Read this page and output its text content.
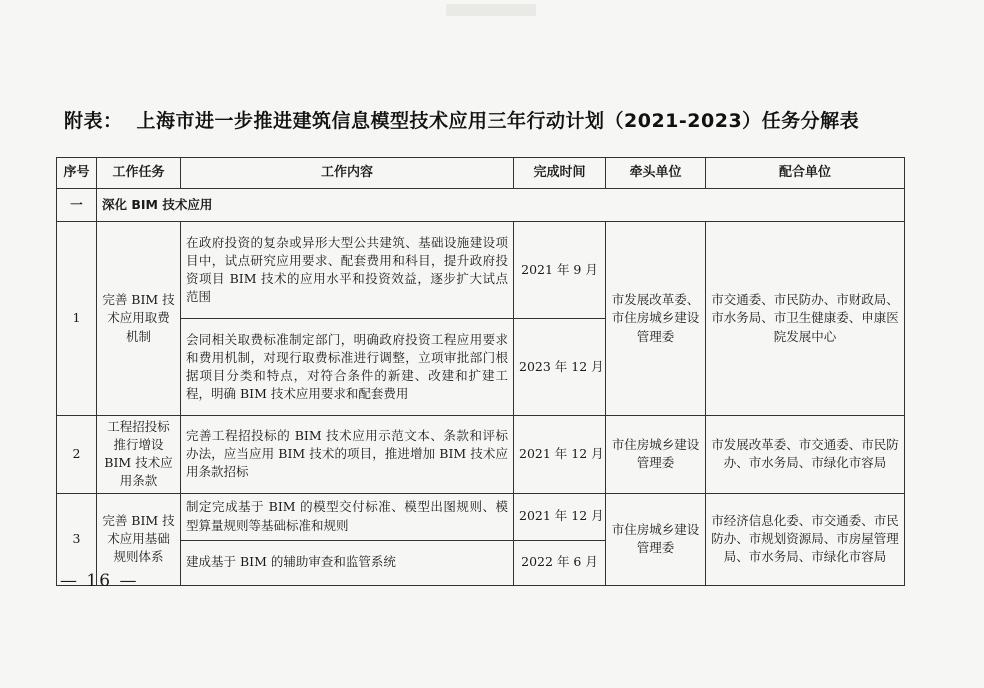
附表： 上海市进一步推进建筑信息模型技术应用三年行动计划（2021-2023）任务分解表
序号	工作任务	工作内容	完成时间	牵头单位	配合单位
一	深化 BIM 技术应用				
1	完善 BIM 技术应用取费机制	在政府投资的复杂或异形大型公共建筑、基础设施建设项目中，试点研究应用要求、配套费用和科目，提升政府投资项目 BIM 技术的应用水平和投资效益，逐步扩大试点范围	2021 年 9 月	市发展改革委、市住房城乡建设管理委	市交通委、市民防办、市财政局、市水务局、市卫生健康委、申康医院发展中心
		会同相关取费标准制定部门，明确政府投资工程应用要求和费用机制，对现行取费标准进行调整，立项审批部门根据项目分类和特点，对符合条件的新建、改建和扩建工程，明确 BIM 技术应用要求和配套费用	2023 年 12 月		
2	工程招投标推行增设 BIM 技术应用条款	完善工程招投标的 BIM 技术应用示范文本、条款和评标办法，应当应用 BIM 技术的项目，推进增加 BIM 技术应用条款招标	2021 年 12 月	市住房城乡建设管理委	市发展改革委、市交通委、市民防办、市水务局、市绿化市容局
3	完善 BIM 技术应用基础规则体系	制定完成基于 BIM 的模型交付标准、模型出图规则、模型算量规则等基础标准和规则	2021 年 12 月	市住房城乡建设管理委	市经济信息化委、市交通委、市民防办、市规划资源局、市房屋管理局、市水务局、市绿化市容局
		建成基于 BIM 的辅助审查和监管系统	2022 年 6 月		
— 16 —
